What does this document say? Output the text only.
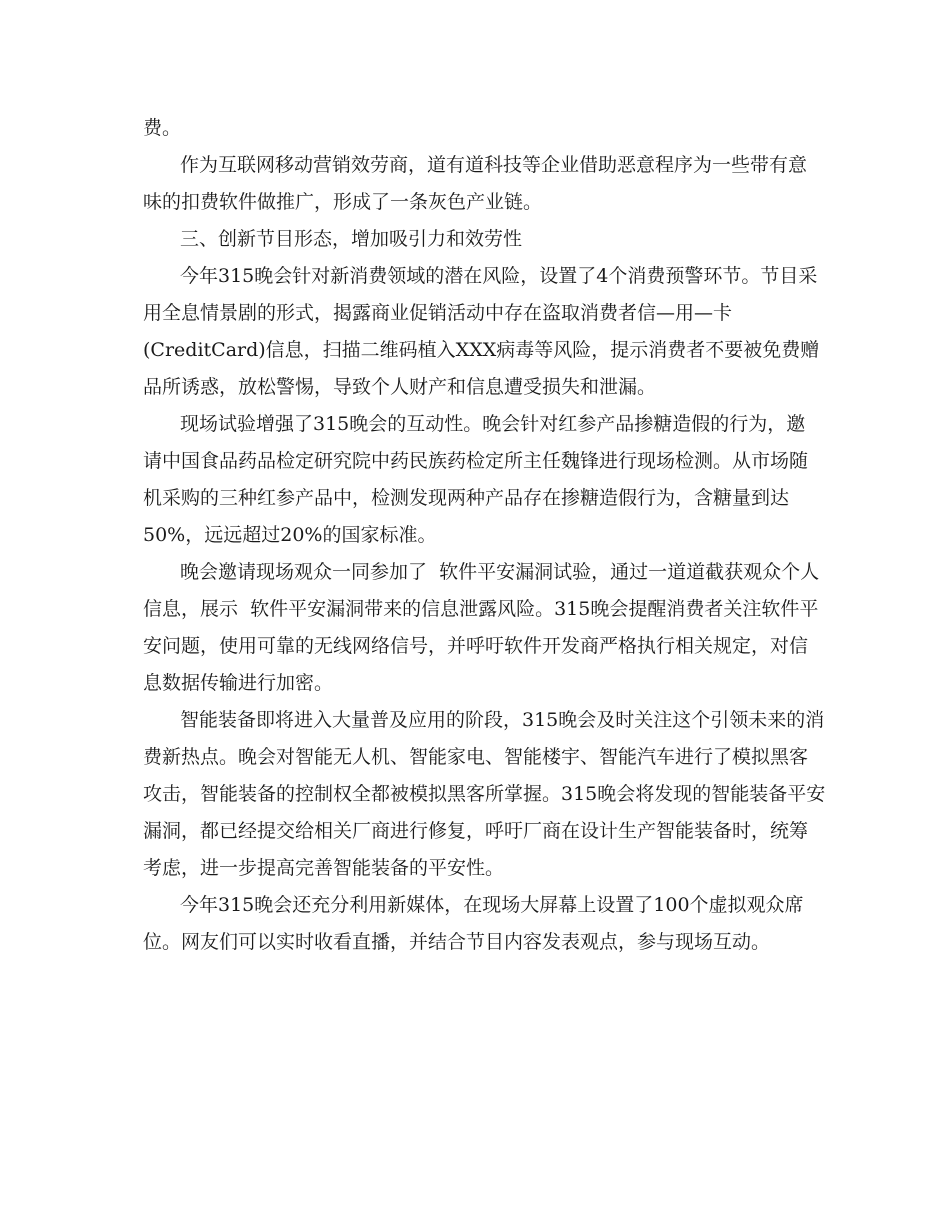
费。

作为互联网移动营销效劳商，道有道科技等企业借助恶意程序为一些带有意

味的扣费软件做推广，形成了一条灰色产业链。

三、创新节目形态，增加吸引力和效劳性

今年315晚会针对新消费领域的潜在风险，设置了4个消费预警环节。节目采

用全息情景剧的形式，揭露商业促销活动中存在盗取消费者信—用—卡

(CreditCard)信息，扫描二维码植入XXX病毒等风险，提示消费者不要被免费赠

品所诱惑，放松警惕，导致个人财产和信息遭受损失和泄漏。

现场试验增强了315晚会的互动性。晚会针对红参产品掺糖造假的行为，邀

请中国食品药品检定研究院中药民族药检定所主任魏锋进行现场检测。从市场随

机采购的三种红参产品中，检测发现两种产品存在掺糖造假行为，含糖量到达

50%，远远超过20%的国家标准。

晚会邀请现场观众一同参加了  软件平安漏洞试验，通过一道道截获观众个人

信息，展示  软件平安漏洞带来的信息泄露风险。315晚会提醒消费者关注软件平

安问题，使用可靠的无线网络信号，并呼吁软件开发商严格执行相关规定，对信

息数据传输进行加密。

智能装备即将进入大量普及应用的阶段，315晚会及时关注这个引领未来的消

费新热点。晚会对智能无人机、智能家电、智能楼宇、智能汽车进行了模拟黑客

攻击，智能装备的控制权全都被模拟黑客所掌握。315晚会将发现的智能装备平安

漏洞，都已经提交给相关厂商进行修复，呼吁厂商在设计生产智能装备时，统筹

考虑，进一步提高完善智能装备的平安性。

今年315晚会还充分利用新媒体，在现场大屏幕上设置了100个虚拟观众席

位。网友们可以实时收看直播，并结合节目内容发表观点，参与现场互动。
